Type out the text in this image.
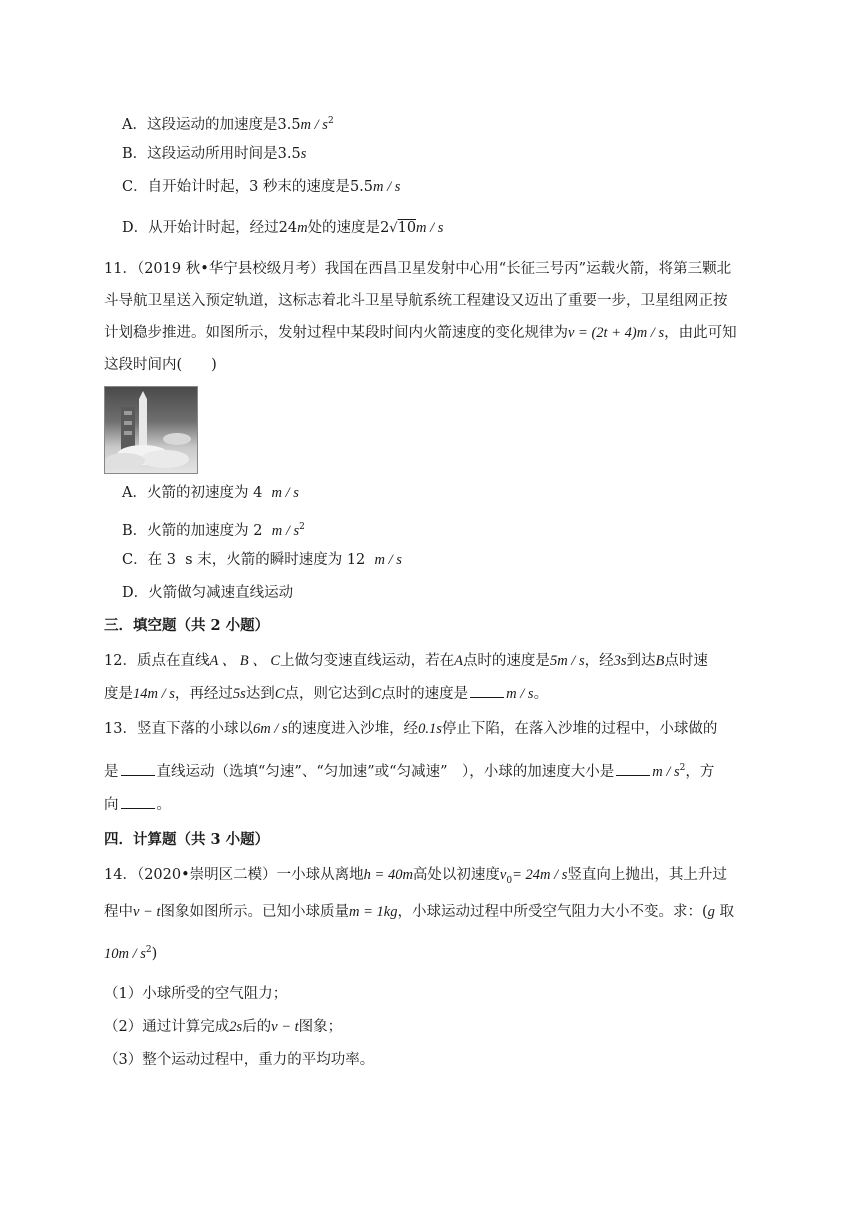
A．这段运动的加速度是$3.5m / s^2$
B．这段运动所用时间是3.5s
C．自开始计时起，3 秒末的速度是5.5m / s
D．从开始计时起，经过24m处的速度是2√10m / s
11．（2019 秋•华宁县校级月考）我国在西昌卫星发射中心用“长征三号丙”运载火箭，将第三颗北
斗导航卫星送入预定轨道，这标志着北斗卫星导航系统工程建设又迈出了重要一步，卫星组网正按
计划稳步推进。如图所示，发射过程中某段时间内火箭速度的变化规律为v = (2t + 4)m / s，由此可知
这段时间内(　　)
A．火箭的初速度为 4 m / s
B．火箭的加速度为 2 m / $s^2$
C．在 3 s 末，火箭的瞬时速度为 12 m / s
D．火箭做匀减速直线运动
三．填空题（共 2 小题）
12．质点在直线A 、 B 、 C上做匀变速直线运动，若在A点时的速度是5m / s，经3s到达B点时速
度是14m / s，再经过5s达到C点，则它达到C点时的速度是	m / s。
13．竖直下落的小球以6m / s的速度进入沙堆，经0.1s停止下陷，在落入沙堆的过程中，小球做的
是	直线运动（选填“匀速”、“匀加速”或“匀减速”　），小球的加速度大小是	m / $s^2$，方
向	。
四．计算题（共 3 小题）
14．（2020•崇明区二模）一小球从离地h = 40m高处以初速度$v_0= 24m / s$竖直向上抛出，其上升过
程中v − t图象如图所示。已知小球质量m = 1kg，小球运动过程中所受空气阻力大小不变。求：(g 取
$10m / s^2$)
（1）小球所受的空气阻力；
（2）通过计算完成2s后的v − t图象；
（3）整个运动过程中，重力的平均功率。
